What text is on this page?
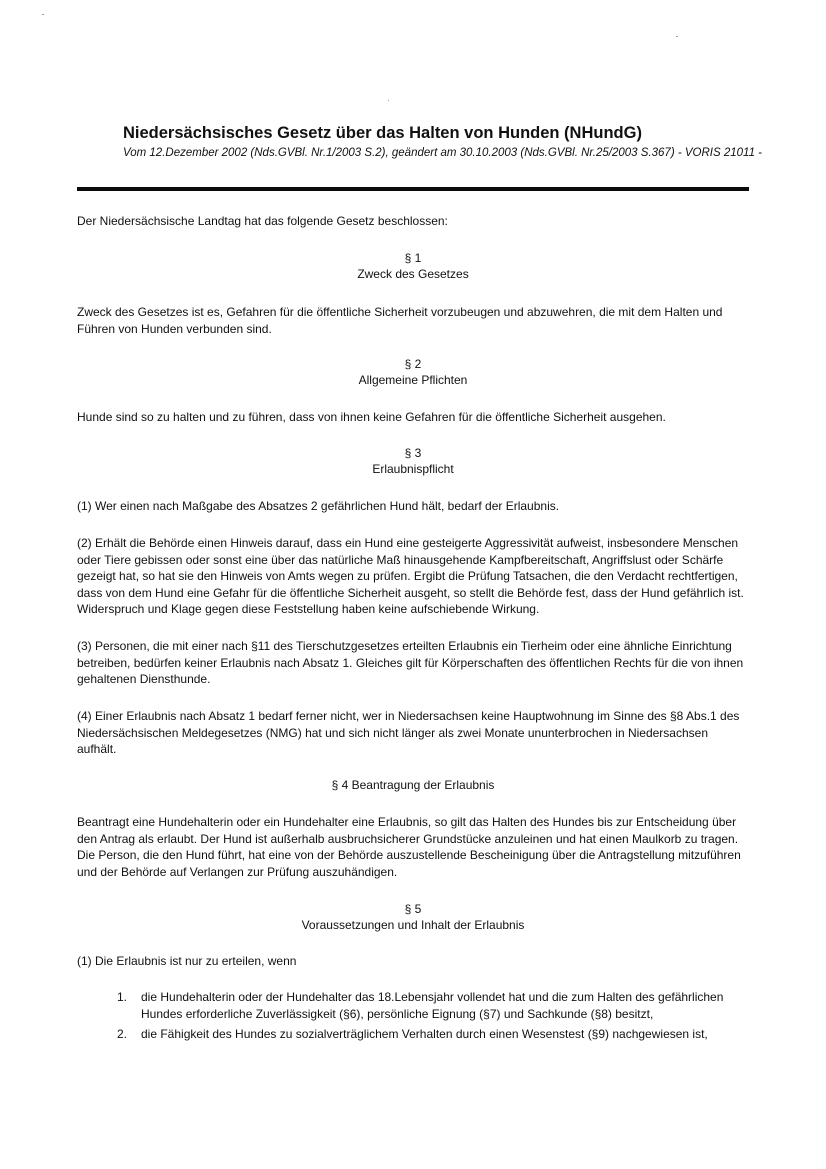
Niedersächsisches Gesetz über das Halten von Hunden (NHundG)

Vom 12.Dezember 2002 (Nds.GVBl. Nr.1/2003 S.2), geändert am 30.10.2003 (Nds.GVBl. Nr.25/2003 S.367) - VORIS 21011 -

Der Niedersächsische Landtag hat das folgende Gesetz beschlossen:

§ 1

Zweck des Gesetzes

Zweck des Gesetzes ist es, Gefahren für die öffentliche Sicherheit vorzubeugen und abzuwehren, die mit dem Halten und Führen von Hunden verbunden sind.

§ 2

Allgemeine Pflichten

Hunde sind so zu halten und zu führen, dass von ihnen keine Gefahren für die öffentliche Sicherheit ausgehen.

§ 3

Erlaubnispflicht

(1) Wer einen nach Maßgabe des Absatzes 2 gefährlichen Hund hält, bedarf der Erlaubnis.

(2) Erhält die Behörde einen Hinweis darauf, dass ein Hund eine gesteigerte Aggressivität aufweist, insbesondere Menschen oder Tiere gebissen oder sonst eine über das natürliche Maß hinausgehende Kampfbereitschaft, Angriffslust oder Schärfe gezeigt hat, so hat sie den Hinweis von Amts wegen zu prüfen. Ergibt die Prüfung Tatsachen, die den Verdacht rechtfertigen, dass von dem Hund eine Gefahr für die öffentliche Sicherheit ausgeht, so stellt die Behörde fest, dass der Hund gefährlich ist. Widerspruch und Klage gegen diese Feststellung haben keine aufschiebende Wirkung.

(3) Personen, die mit einer nach §11 des Tierschutzgesetzes erteilten Erlaubnis ein Tierheim oder eine ähnliche Einrichtung betreiben, bedürfen keiner Erlaubnis nach Absatz 1. Gleiches gilt für Körperschaften des öffentlichen Rechts für die von ihnen gehaltenen Diensthunde.

(4) Einer Erlaubnis nach Absatz 1 bedarf ferner nicht, wer in Niedersachsen keine Hauptwohnung im Sinne des §8 Abs.1 des Niedersächsischen Meldegesetzes (NMG) hat und sich nicht länger als zwei Monate ununterbrochen in Niedersachsen aufhält.

§ 4 Beantragung der Erlaubnis

Beantragt eine Hundehalterin oder ein Hundehalter eine Erlaubnis, so gilt das Halten des Hundes bis zur Entscheidung über den Antrag als erlaubt. Der Hund ist außerhalb ausbruchsicherer Grundstücke anzuleinen und hat einen Maulkorb zu tragen. Die Person, die den Hund führt, hat eine von der Behörde auszustellende Bescheinigung über die Antragstellung mitzuführen und der Behörde auf Verlangen zur Prüfung auszuhändigen.

§ 5

Voraussetzungen und Inhalt der Erlaubnis

(1) Die Erlaubnis ist nur zu erteilen, wenn

1. die Hundehalterin oder der Hundehalter das 18.Lebensjahr vollendet hat und die zum Halten des gefährlichen Hundes erforderliche Zuverlässigkeit (§6), persönliche Eignung (§7) und Sachkunde (§8) besitzt,
2. die Fähigkeit des Hundes zu sozialverträglichem Verhalten durch einen Wesenstest (§9) nachgewiesen ist,
